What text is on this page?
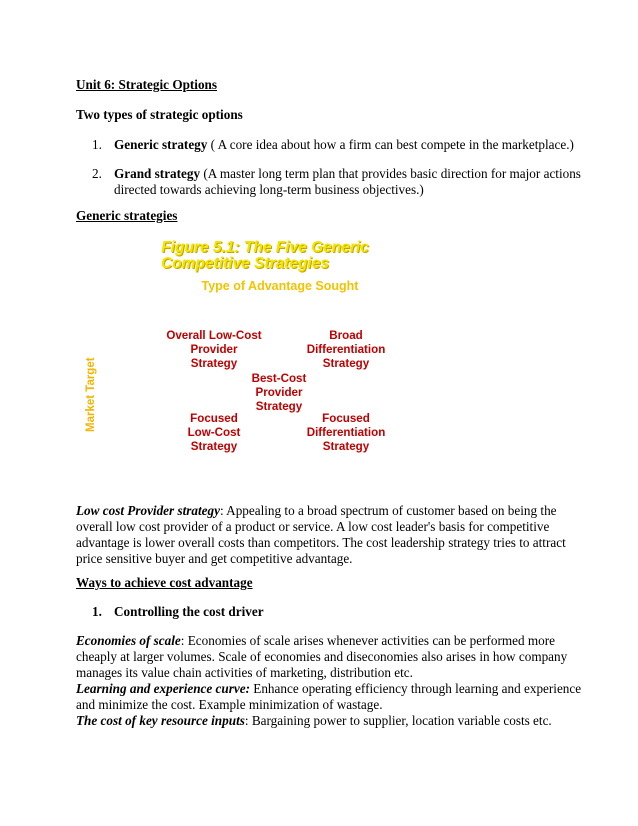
Unit 6: Strategic Options
Two types of strategic options
1. Generic strategy ( A core idea about how a firm can best compete in the marketplace.)
2. Grand strategy (A master long term plan that provides basic direction for major actions
directed towards achieving long-term business objectives.)
Generic strategies
Figure 5.1: The Five Generic
Competitive Strategies
Type of Advantage Sought
Market Target
Overall Low-Cost
Provider
Strategy
Broad
Differentiation
Strategy
Best-Cost
Provider
Strategy
Focused
Low-Cost
Strategy
Focused
Differentiation
Strategy
Low cost Provider strategy: Appealing to a broad spectrum of customer based on being the
overall low cost provider of a product or service. A low cost leader's basis for competitive
advantage is lower overall costs than competitors. The cost leadership strategy tries to attract
price sensitive buyer and get competitive advantage.
Ways to achieve cost advantage
1. Controlling the cost driver
Economies of scale: Economies of scale arises whenever activities can be performed more
cheaply at larger volumes. Scale of economies and diseconomies also arises in how company
manages its value chain activities of marketing, distribution etc.
Learning and experience curve: Enhance operating efficiency through learning and experience
and minimize the cost. Example minimization of wastage.
The cost of key resource inputs: Bargaining power to supplier, location variable costs etc.
